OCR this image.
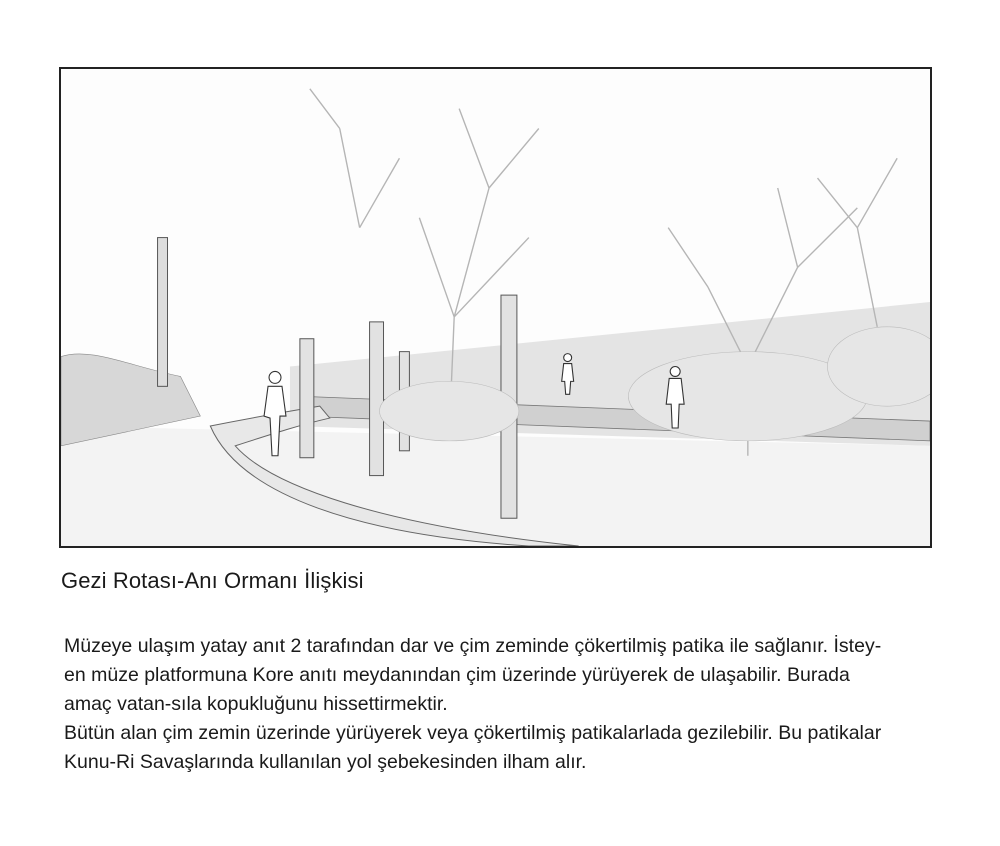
Gezi Rotası-Anı Ormanı İlişkisi

Müzeye ulaşım yatay anıt 2 tarafından dar ve çim zeminde çökertilmiş patika ile sağlanır. İstey-

en müze platformuna Kore anıtı meydanından çim üzerinde yürüyerek de ulaşabilir. Burada

amaç vatan-sıla kopukluğunu hissettirmektir.

Bütün alan çim zemin üzerinde yürüyerek veya çökertilmiş patikalarlada gezilebilir. Bu patikalar

Kunu-Ri Savaşlarında kullanılan yol şebekesinden ilham alır.
